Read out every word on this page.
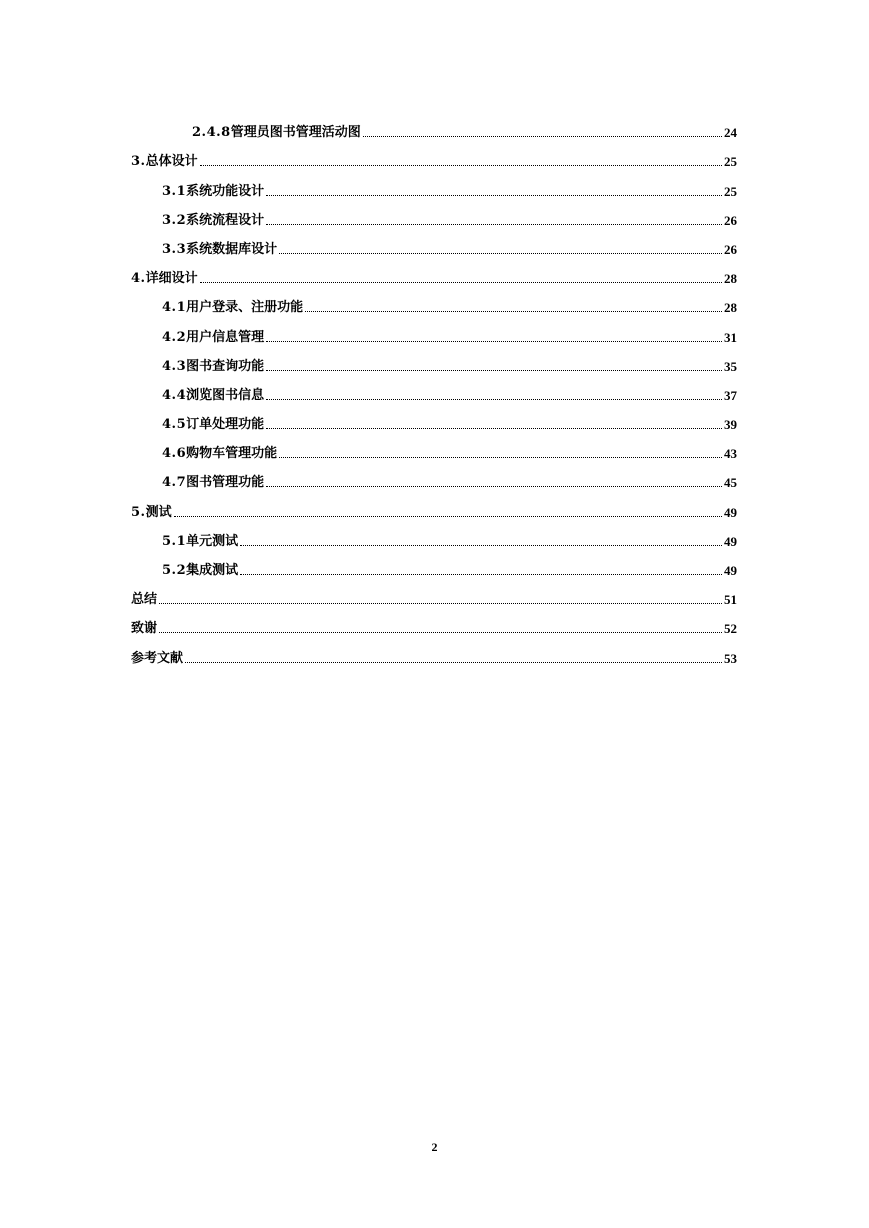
2.4.8 管理员图书管理活动图	24
3. 总体设计	25
3.1 系统功能设计	25
3.2 系统流程设计	26
3.3 系统数据库设计	26
4. 详细设计	28
4.1 用户登录、注册功能	28
4.2 用户信息管理	31
4.3 图书查询功能	35
4.4 浏览图书信息	37
4.5 订单处理功能	39
4.6 购物车管理功能	43
4.7 图书管理功能	45
5. 测试	49
5.1 单元测试	49
5.2 集成测试	49
总结	51
致谢	52
参考文献	53
2
